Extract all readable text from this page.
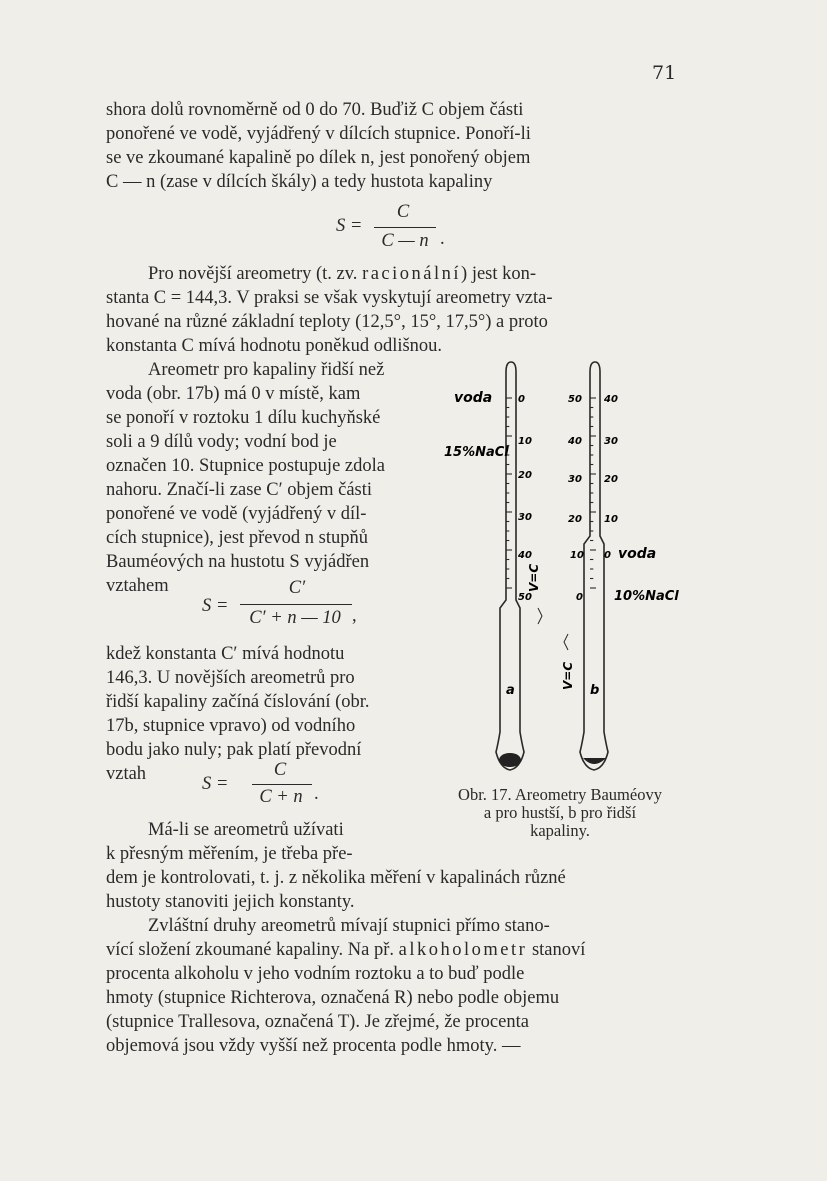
71
shora dolů rovnoměrně od 0 do 70. Buďiž C objem části
ponořené ve vodě, vyjádřený v dílcích stupnice. Ponoří-li
se ve zkoumané kapalině po dílek n, jest ponořený objem
C — n (zase v dílcích škály) a tedy hustota kapaliny
S =
C
C — n .
Pro novější areometry (t. zv. racionální) jest kon-
stanta C = 144,3. V praksi se však vyskytují areometry vzta-
hované na různé základní teploty (12,5°, 15°, 17,5°) a proto
konstanta C mívá hodnotu poněkud odlišnou.
Areometr pro kapaliny řidší než
voda (obr. 17b) má 0 v místě, kam
se ponoří v roztoku 1 dílu kuchyňské
soli a 9 dílů vody; vodní bod je
označen 10. Stupnice postupuje zdola
nahoru. Značí-li zase C′ objem části
ponořené ve vodě (vyjádřený v díl-
cích stupnice), jest převod n stupňů
Bauméových na hustotu S vyjádřen
vztahem
S =
C′
C′ + n — 10 ,
kdež konstanta C′ mívá hodnotu
146,3. U novějších areometrů pro
řidší kapaliny začíná číslování (obr.
17b, stupnice vpravo) od vodního
bodu jako nuly; pak platí převodní
vztah	S =
C
C + n .
Má-li se areometrů užívati
k přesným měřením, je třeba pře-
dem je kontrolovati, t. j. z několika měření v kapalinách různé
hustoty stanoviti jejich konstanty.
Zvláštní druhy areometrů mívají stupnici přímo stano-
vící složení zkoumané kapaliny. Na př. alkoholometr stanoví
procenta alkoholu v jeho vodním roztoku a to buď podle
hmoty (stupnice Richterova, označená R) nebo podle objemu
(stupnice Trallesova, označená T). Je zřejmé, že procenta
objemová jsou vždy vyšší než procenta podle hmoty. —
voda
15%NaCl
0
10
20
30
40
50
V=C
a
50
40
30
20
10
0
40
30
20
10
0 voda
10%NaCl
V=C
b
Obr. 17. Areometry Bauméovy
a pro hustší, b pro řidší
kapaliny.
